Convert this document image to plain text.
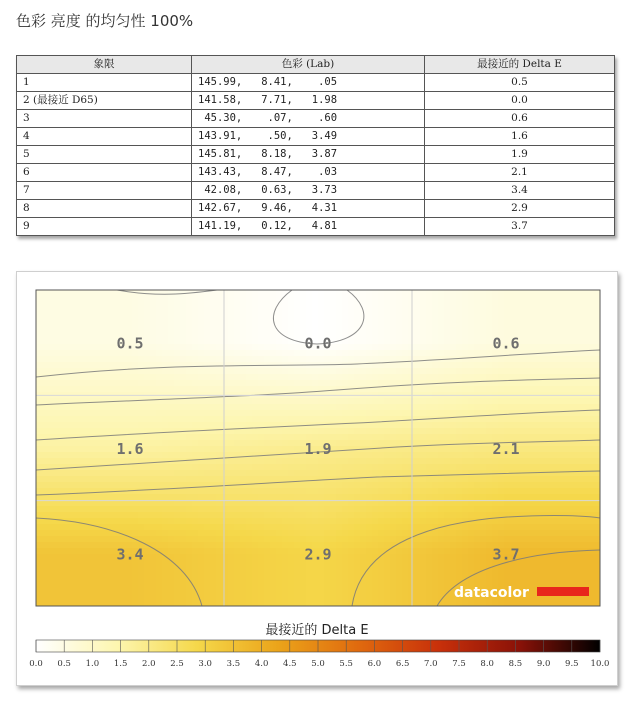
色彩 亮度 的均匀性 100%
象限	色彩 (Lab)	最接近的 Delta E
1	145.99,   8.41,    .05	0.5
2 (最接近 D65)	141.58,   7.71,   1.98	0.0
3	45.30,    .07,    .60	0.6
4	143.91,    .50,   3.49	1.6
5	145.81,   8.18,   3.87	1.9
6	143.43,   8.47,    .03	2.1
7	42.08,   0.63,   3.73	3.4
8	142.67,   9.46,   4.31	2.9
9	141.19,   0.12,   4.81	3.7
0.5	0.0	0.6
1.6	1.9	2.1
3.4	2.9	3.7
datacolor
最接近的 Delta E
0.0 0.5 1.0 1.5 2.0 2.5 3.0 3.5 4.0 4.5 5.0 5.5 6.0 6.5 7.0 7.5 8.0 8.5 9.0 9.5 10.0
